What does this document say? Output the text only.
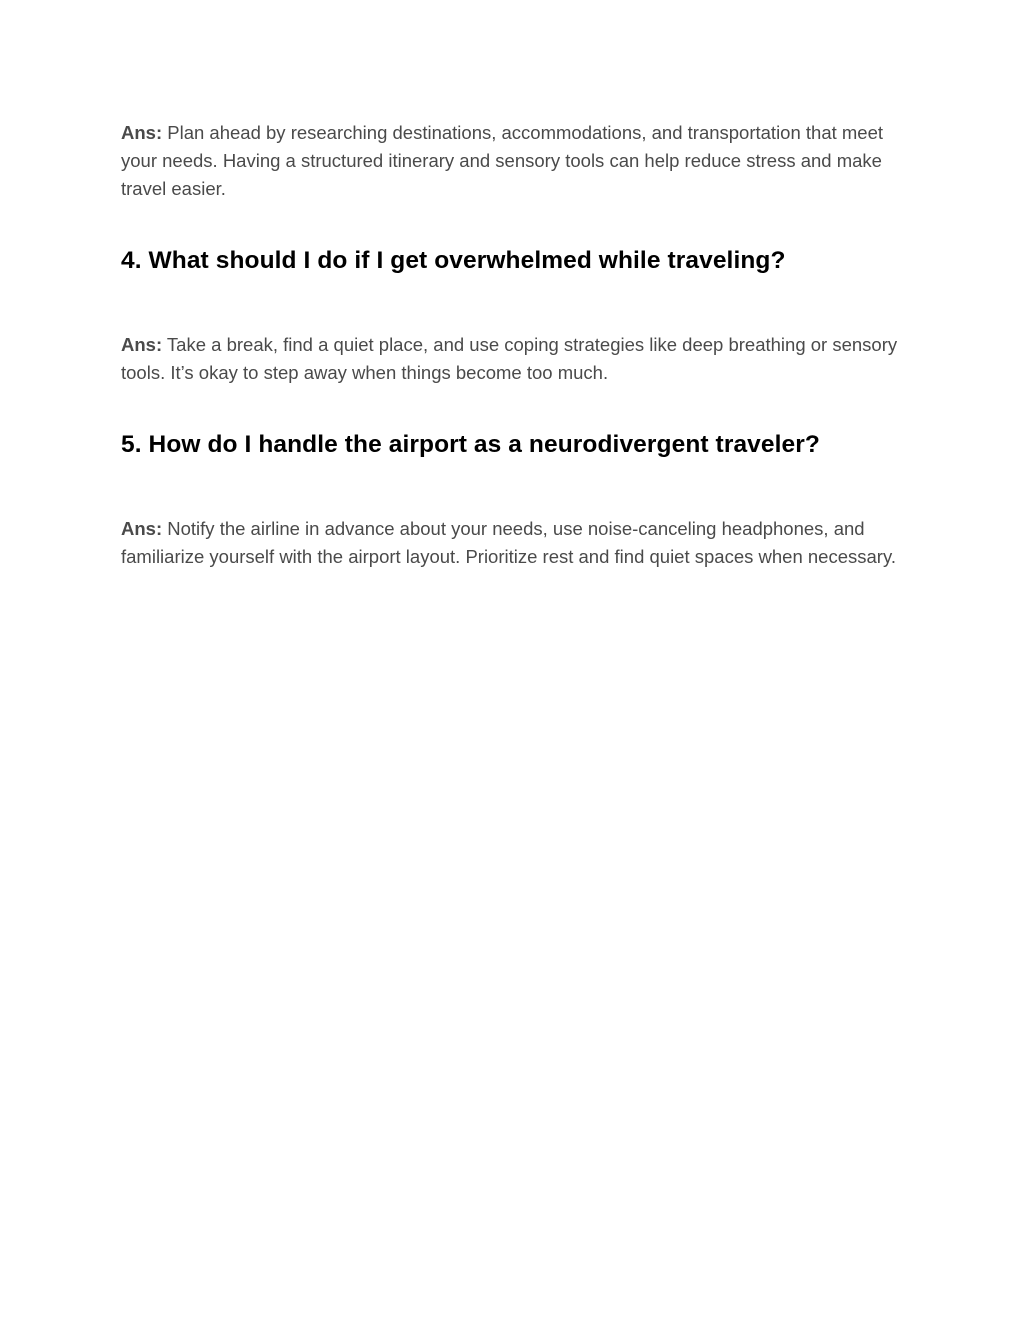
Ans: Plan ahead by researching destinations, accommodations, and transportation that meet your needs. Having a structured itinerary and sensory tools can help reduce stress and make travel easier.

4. What should I do if I get overwhelmed while traveling?

Ans: Take a break, find a quiet place, and use coping strategies like deep breathing or sensory tools. It’s okay to step away when things become too much.

5. How do I handle the airport as a neurodivergent traveler?

Ans: Notify the airline in advance about your needs, use noise-canceling headphones, and familiarize yourself with the airport layout. Prioritize rest and find quiet spaces when necessary.
